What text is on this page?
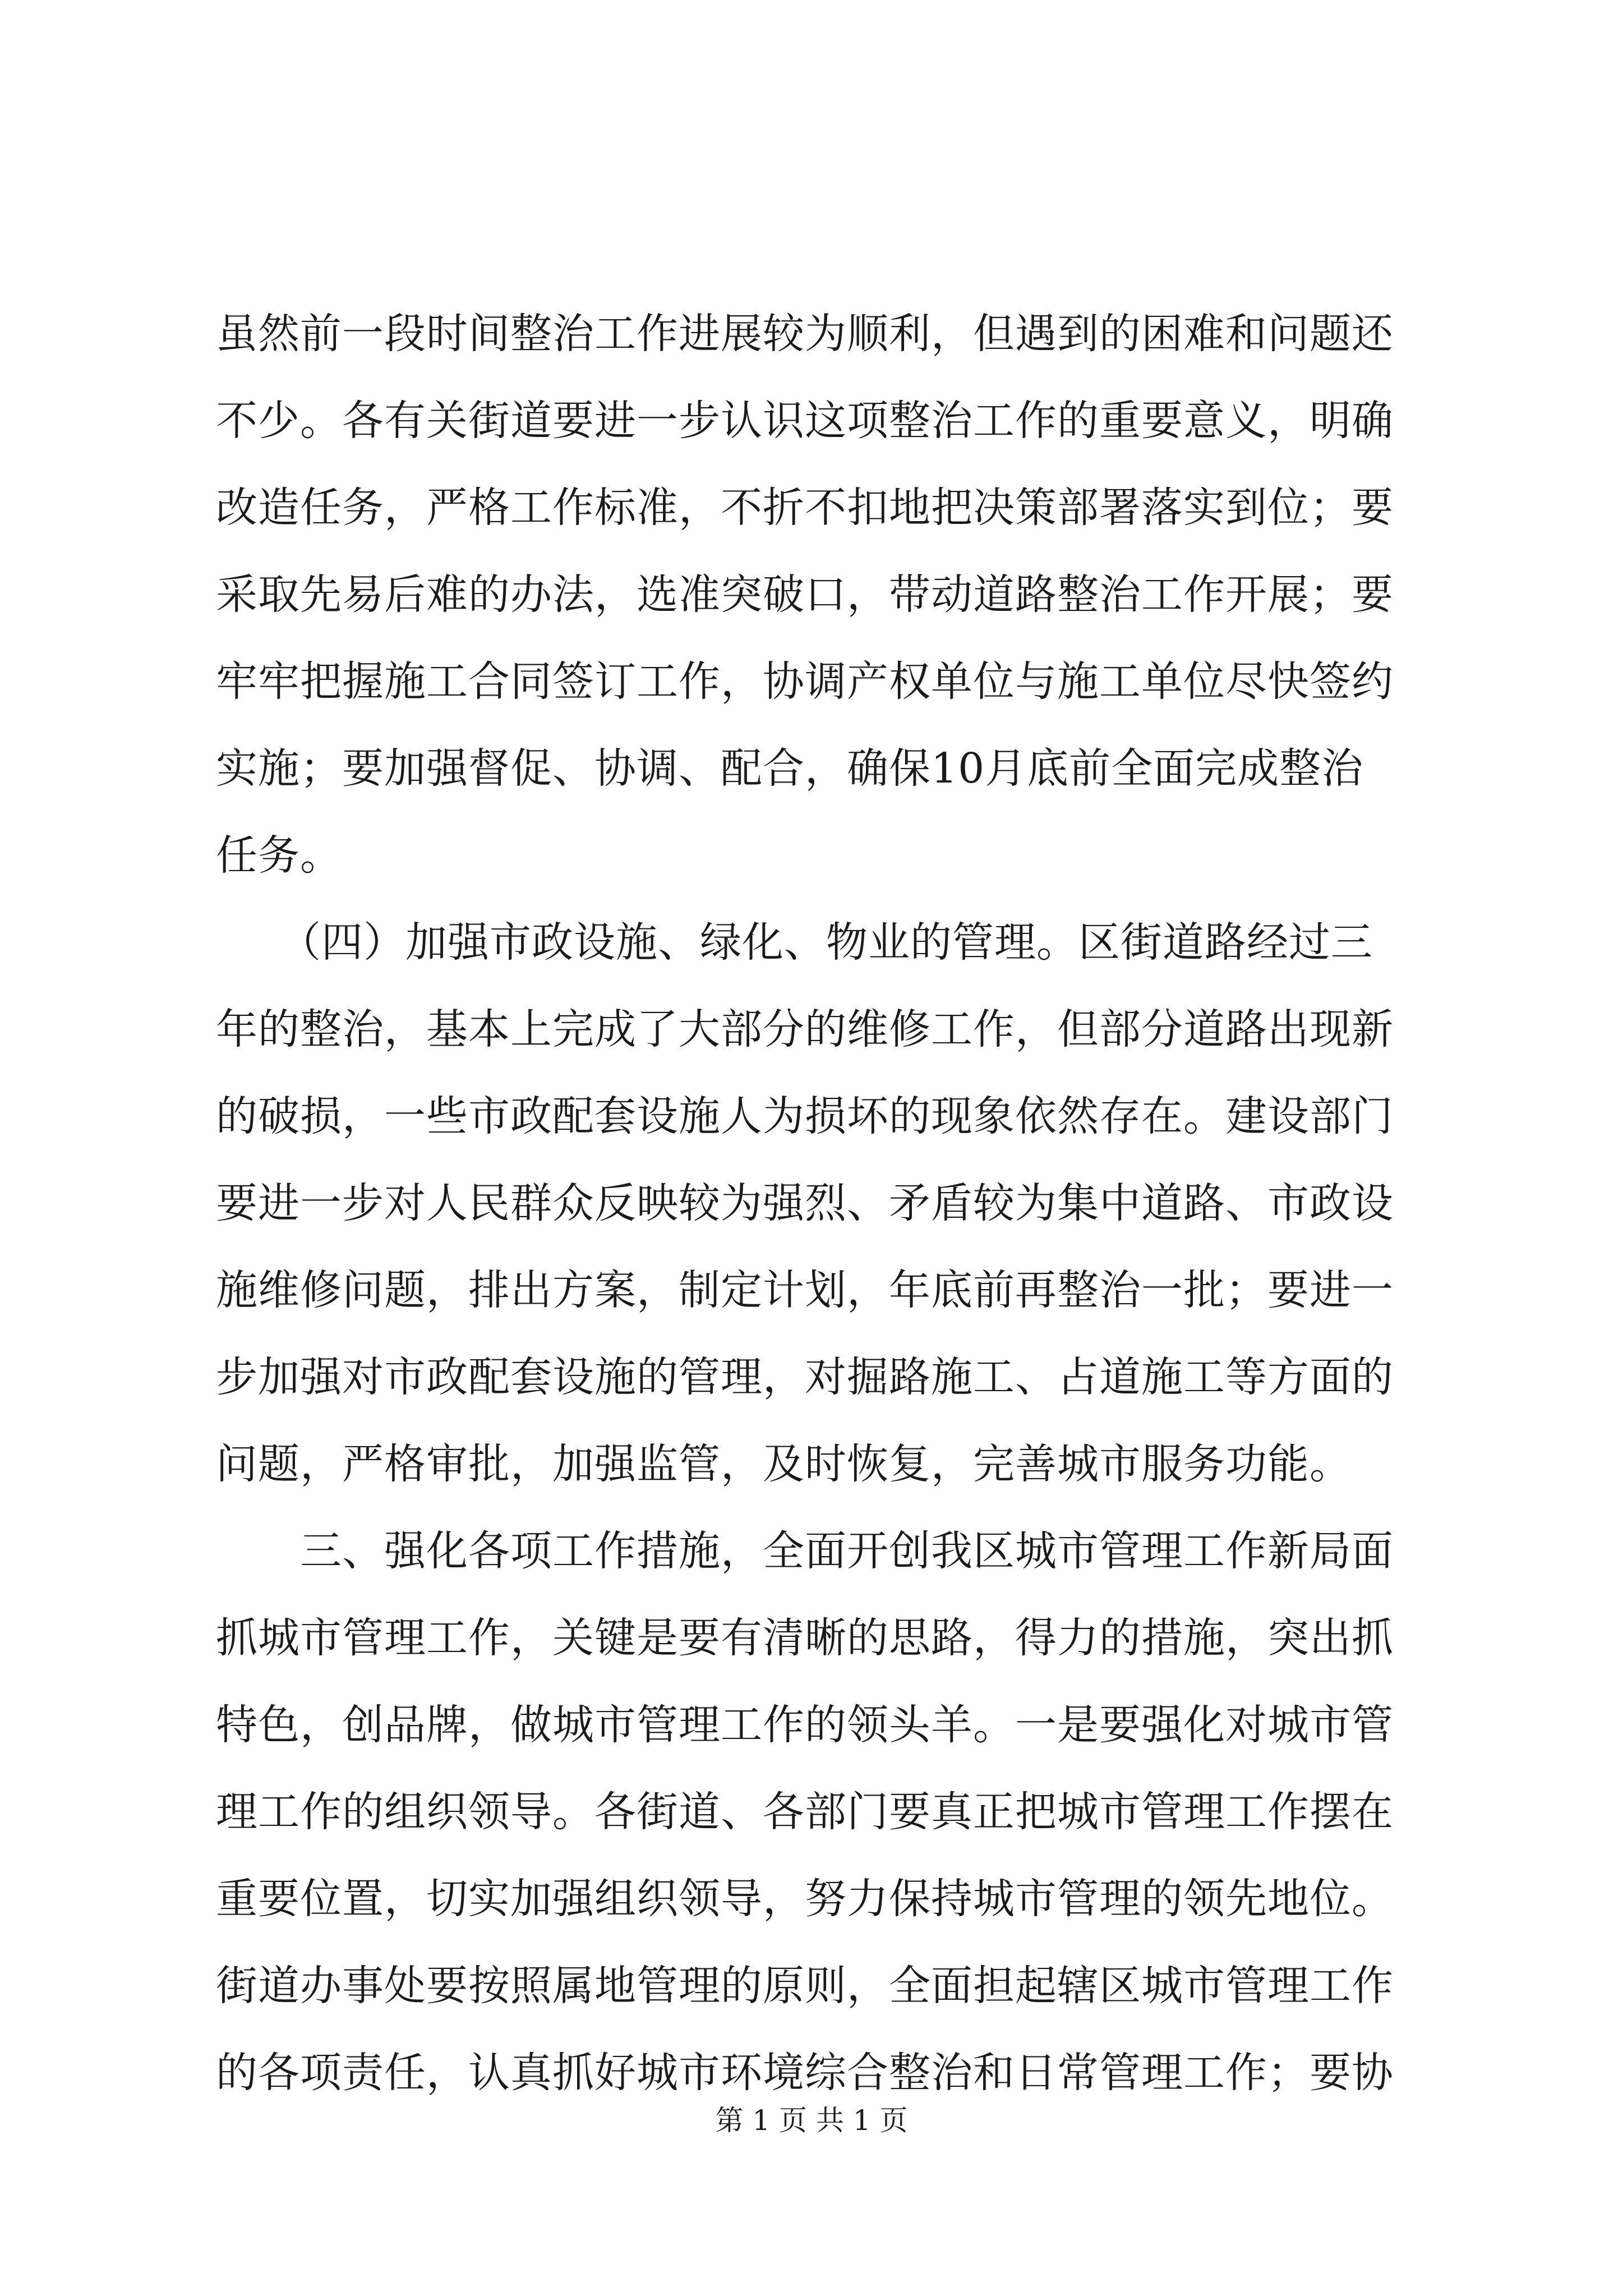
虽然前一段时间整治工作进展较为顺利，但遇到的困难和问题还
不少。各有关街道要进一步认识这项整治工作的重要意义，明确
改造任务，严格工作标准，不折不扣地把决策部署落实到位；要
采取先易后难的办法，选准突破口，带动道路整治工作开展；要
牢牢把握施工合同签订工作，协调产权单位与施工单位尽快签约
实施；要加强督促、协调、配合，确保10月底前全面完成整治
任务。
　　（四）加强市政设施、绿化、物业的管理。区街道路经过三
年的整治，基本上完成了大部分的维修工作，但部分道路出现新
的破损，一些市政配套设施人为损坏的现象依然存在。建设部门
要进一步对人民群众反映较为强烈、矛盾较为集中道路、市政设
施维修问题，排出方案，制定计划，年底前再整治一批；要进一
步加强对市政配套设施的管理，对掘路施工、占道施工等方面的
问题，严格审批，加强监管，及时恢复，完善城市服务功能。
　　三、强化各项工作措施，全面开创我区城市管理工作新局面
抓城市管理工作，关键是要有清晰的思路，得力的措施，突出抓
特色，创品牌，做城市管理工作的领头羊。一是要强化对城市管
理工作的组织领导。各街道、各部门要真正把城市管理工作摆在
重要位置，切实加强组织领导，努力保持城市管理的领先地位。
街道办事处要按照属地管理的原则，全面担起辖区城市管理工作
的各项责任，认真抓好城市环境综合整治和日常管理工作；要协
第 1 页 共 1 页
